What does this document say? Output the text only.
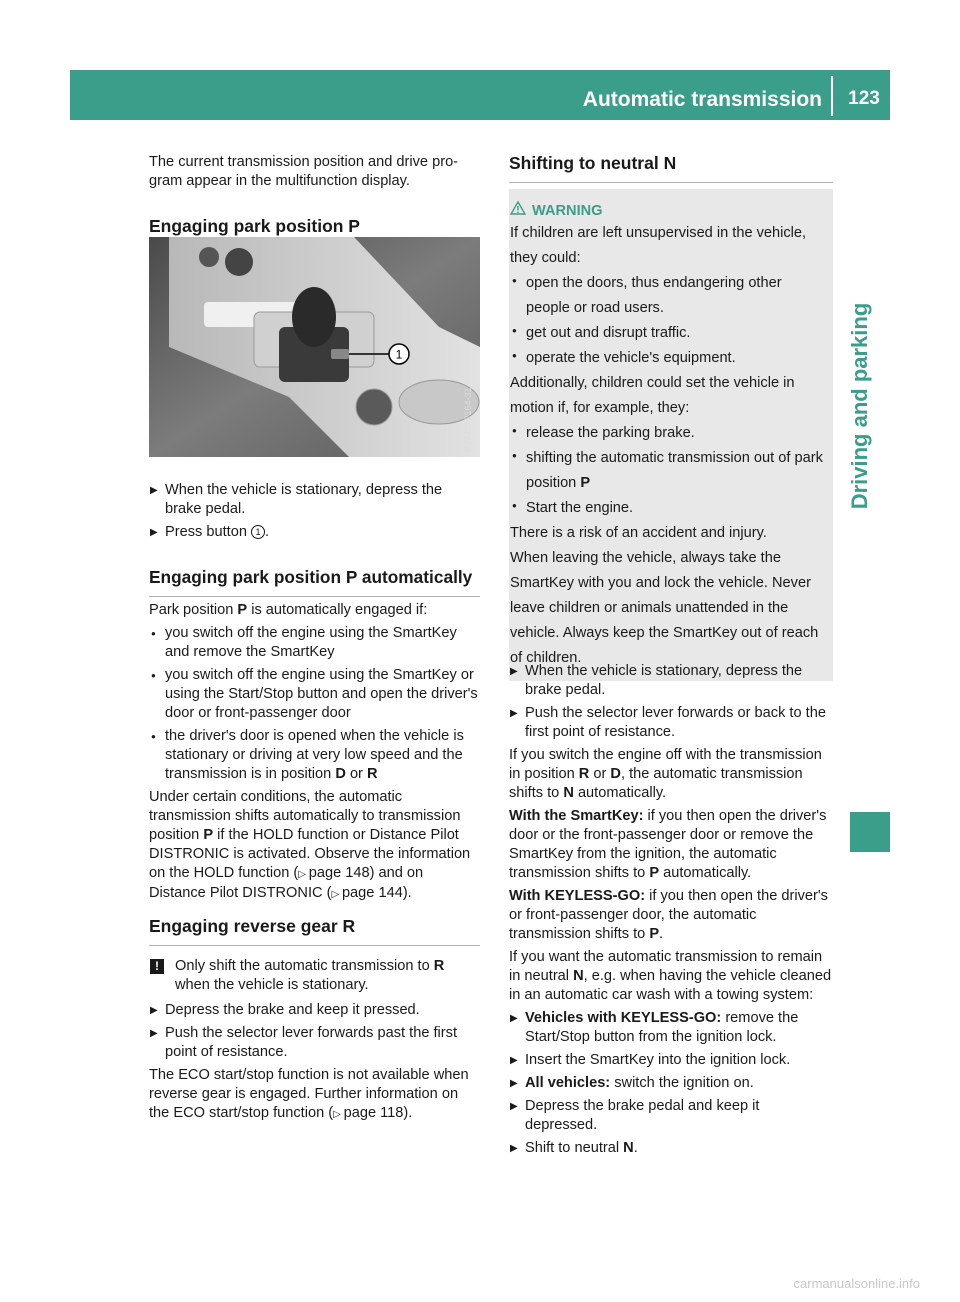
Automatic transmission	123
Driving and parking

The current transmission position and drive pro-
gram appear in the multifunction display.

Engaging park position P
1
P27.00-2164-31
▶ When the vehicle is stationary, depress the brake pedal.
▶ Press button 1 .
Engaging park position P automatically

Park position P is automatically engaged if:

● you switch off the engine using the SmartKey and remove the SmartKey
● you switch off the engine using the SmartKey or using the Start/Stop button and open the driver's door or front-passenger door
● the driver's door is opened when the vehicle is stationary or driving at very low speed and the transmission is in position D or R

Under certain conditions, the automatic transmission shifts automatically to transmission position P if the HOLD function or Distance Pilot DISTRONIC is activated. Observe the information on the HOLD function (▷ page 148) and on Distance Pilot DISTRONIC (▷ page 144).

Engaging reverse gear R
!	Only shift the automatic transmission to R when the vehicle is stationary.
▶ Depress the brake and keep it pressed.
▶ Push the selector lever forwards past the first point of resistance.

The ECO start/stop function is not available when reverse gear is engaged. Further information on the ECO start/stop function (▷ page 118).

Shifting to neutral N
WARNING

If children are left unsupervised in the vehicle, they could:

● open the doors, thus endangering other people or road users.
● get out and disrupt traffic.
● operate the vehicle's equipment.

Additionally, children could set the vehicle in motion if, for example, they:

● release the parking brake.
● shifting the automatic transmission out of park position P
● Start the engine.

There is a risk of an accident and injury.

When leaving the vehicle, always take the SmartKey with you and lock the vehicle. Never leave children or animals unattended in the vehicle. Always keep the SmartKey out of reach of children.

▶ When the vehicle is stationary, depress the brake pedal.
▶ Push the selector lever forwards or back to the first point of resistance.

If you switch the engine off with the transmission in position R or D, the automatic transmission shifts to N automatically.

With the SmartKey: if you then open the driver's door or the front-passenger door or remove the SmartKey from the ignition, the automatic transmission shifts to P automatically.

With KEYLESS-GO: if you then open the driver's or front-passenger door, the automatic transmission shifts to P.

If you want the automatic transmission to remain in neutral N, e.g. when having the vehicle cleaned in an automatic car wash with a towing system:

▶ Vehicles with KEYLESS-GO: remove the Start/Stop button from the ignition lock.
▶ Insert the SmartKey into the ignition lock.
▶ All vehicles: switch the ignition on.
▶ Depress the brake pedal and keep it depressed.
▶ Shift to neutral N.
carmanualsonline.info
